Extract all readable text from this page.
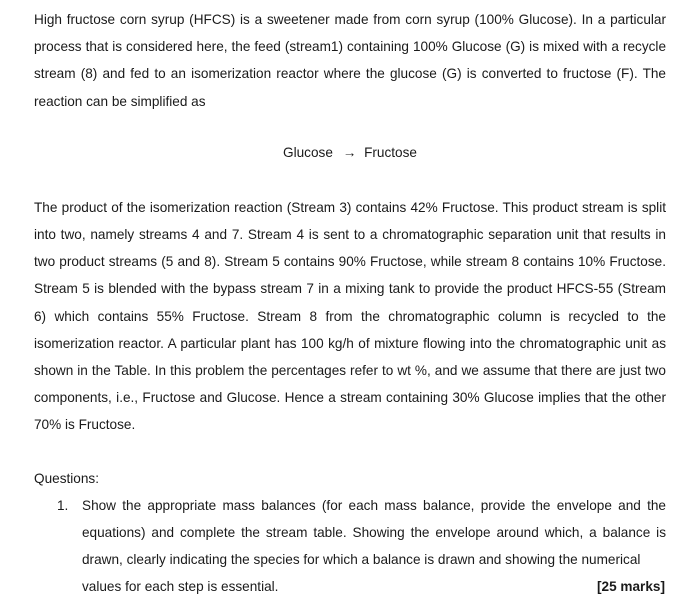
High fructose corn syrup (HFCS) is a sweetener made from corn syrup (100% Glucose). In a particular process that is considered here, the feed (stream1) containing 100% Glucose (G) is mixed with a recycle stream (8) and fed to an isomerization reactor where the glucose (G) is converted to fructose (F). The reaction can be simplified as

Glucose → Fructose

The product of the isomerization reaction (Stream 3) contains 42% Fructose. This product stream is split into two, namely streams 4 and 7. Stream 4 is sent to a chromatographic separation unit that results in two product streams (5 and 8). Stream 5 contains 90% Fructose, while stream 8 contains 10% Fructose. Stream 5 is blended with the bypass stream 7 in a mixing tank to provide the product HFCS-55 (Stream 6) which contains 55% Fructose. Stream 8 from the chromatographic column is recycled to the isomerization reactor. A particular plant has 100 kg/h of mixture flowing into the chromatographic unit as shown in the Table. In this problem the percentages refer to wt %, and we assume that there are just two components, i.e., Fructose and Glucose. Hence a stream containing 30% Glucose implies that the other 70% is Fructose.

Questions:

1. Show the appropriate mass balances (for each mass balance, provide the envelope and the equations) and complete the stream table. Showing the envelope around which, a balance is drawn, clearly indicating the species for which a balance is drawn and showing the numerical
values for each step is essential.	[25 marks]
